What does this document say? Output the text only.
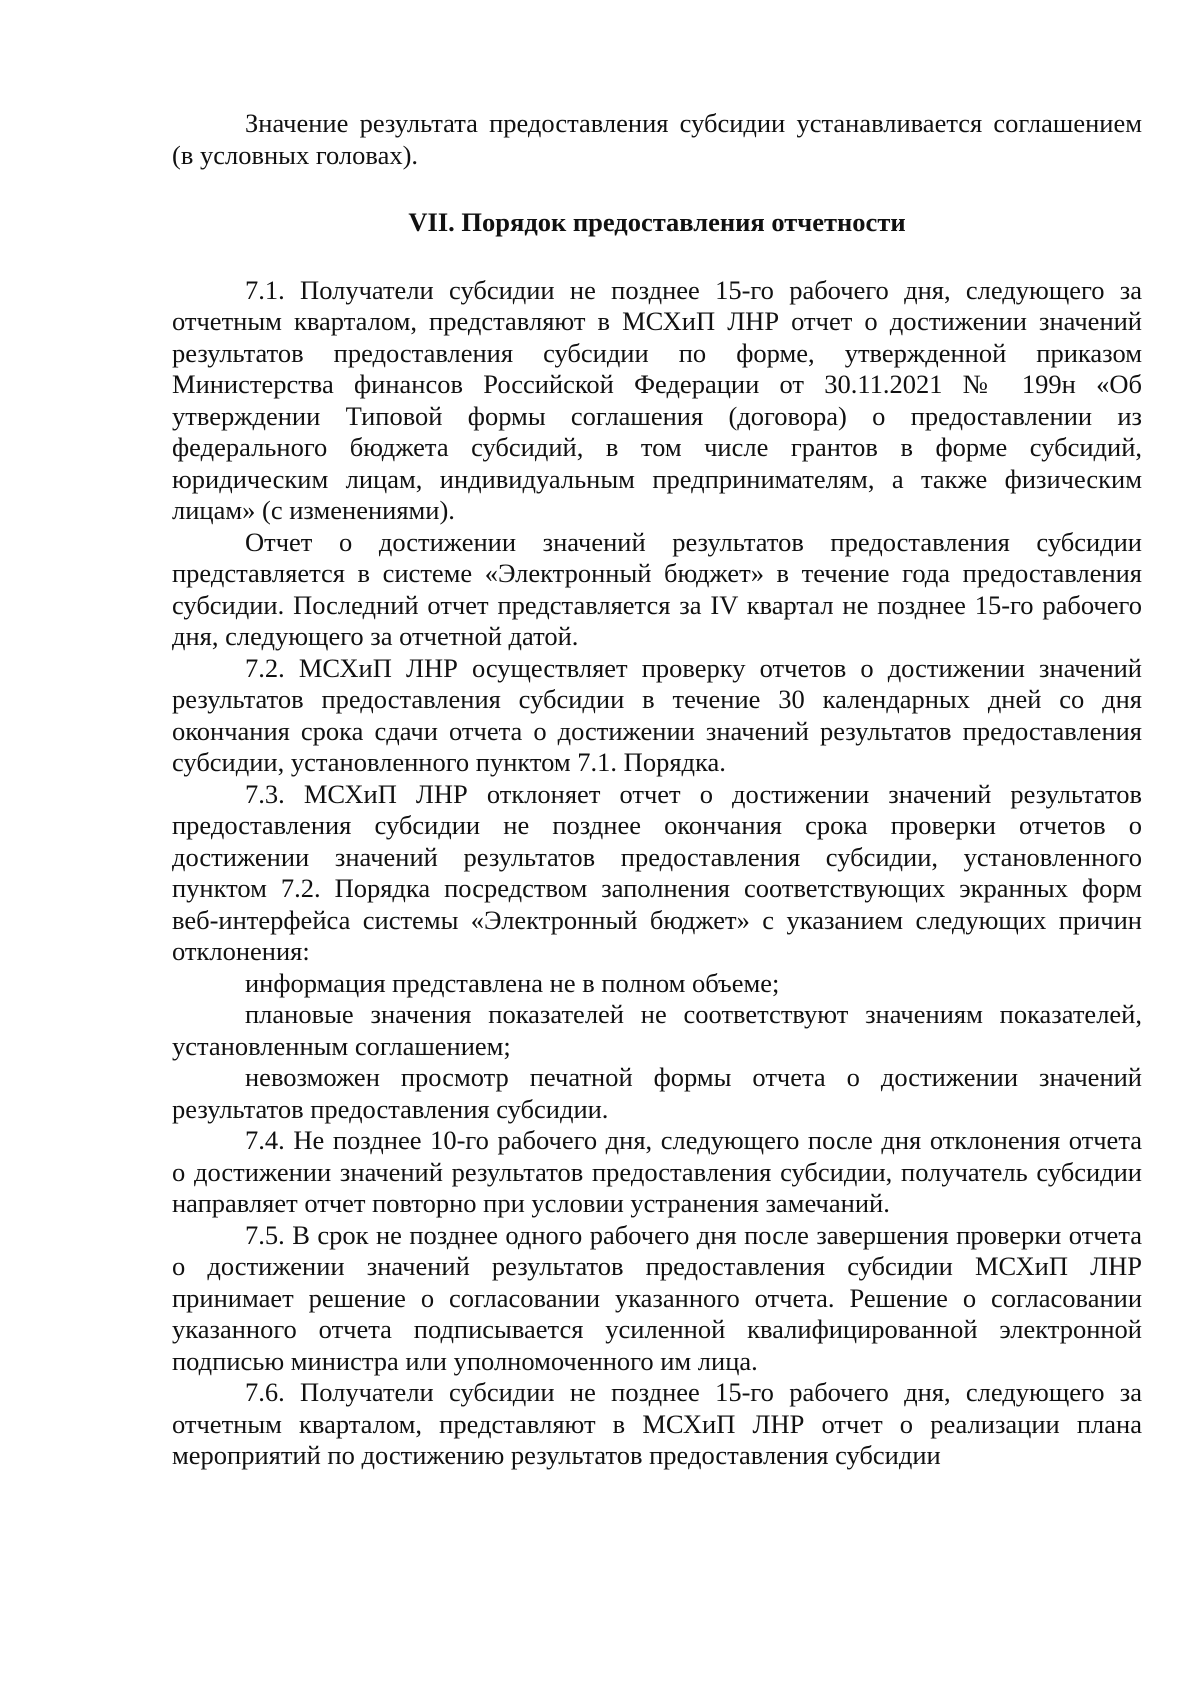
Значение результата предоставления субсидии устанавливается соглашением (в условных головах).

VII. Порядок предоставления отчетности

7.1. Получатели субсидии не позднее 15-го рабочего дня, следующего за отчетным кварталом, представляют в МСХиП ЛНР отчет о достижении значений результатов предоставления субсидии по форме, утвержденной приказом Министерства финансов Российской Федерации от 30.11.2021 № 199н «Об утверждении Типовой формы соглашения (договора) о предоставлении из федерального бюджета субсидий, в том числе грантов в форме субсидий, юридическим лицам, индивидуальным предпринимателям, а также физическим лицам» (с изменениями).

Отчет о достижении значений результатов предоставления субсидии представляется в системе «Электронный бюджет» в течение года предоставления субсидии. Последний отчет представляется за IV квартал не позднее 15-го рабочего дня, следующего за отчетной датой.

7.2. МСХиП ЛНР осуществляет проверку отчетов о достижении значений результатов предоставления субсидии в течение 30 календарных дней со дня окончания срока сдачи отчета о достижении значений результатов предоставления субсидии, установленного пунктом 7.1. Порядка.

7.3. МСХиП ЛНР отклоняет отчет о достижении значений результатов предоставления субсидии не позднее окончания срока проверки отчетов о достижении значений результатов предоставления субсидии, установленного пунктом 7.2. Порядка посредством заполнения соответствующих экранных форм веб-интерфейса системы «Электронный бюджет» с указанием следующих причин отклонения:

информация представлена не в полном объеме;

плановые значения показателей не соответствуют значениям показателей, установленным соглашением;

невозможен просмотр печатной формы отчета о достижении значений результатов предоставления субсидии.

7.4. Не позднее 10-го рабочего дня, следующего после дня отклонения отчета о достижении значений результатов предоставления субсидии, получатель субсидии направляет отчет повторно при условии устранения замечаний.

7.5. В срок не позднее одного рабочего дня после завершения проверки отчета о достижении значений результатов предоставления субсидии МСХиП ЛНР принимает решение о согласовании указанного отчета. Решение о согласовании указанного отчета подписывается усиленной квалифицированной электронной подписью министра или уполномоченного им лица.

7.6. Получатели субсидии не позднее 15-го рабочего дня, следующего за отчетным кварталом, представляют в МСХиП ЛНР отчет о реализации плана мероприятий по достижению результатов предоставления субсидии
